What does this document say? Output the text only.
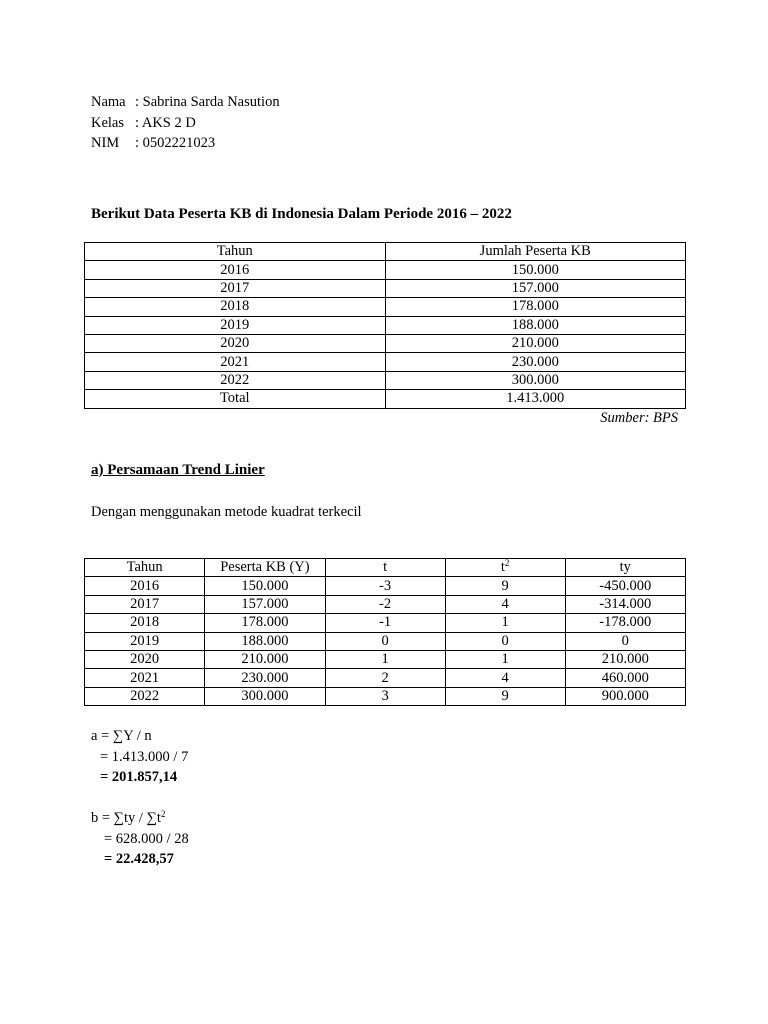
Nama : Sabrina Sarda Nasution
Kelas : AKS 2 D
NIM	: 0502221023
Berikut Data Peserta KB di Indonesia Dalam Periode 2016 – 2022
Tahun	Jumlah Peserta KB
2016	150.000
2017	157.000
2018	178.000
2019	188.000
2020	210.000
2021	230.000
2022	300.000
Total	1.413.000
Sumber: BPS
a) Persamaan Trend Linier
Dengan menggunakan metode kuadrat terkecil
Tahun	Peserta KB (Y)	t	$t^2$	ty
2016	150.000	-3	9	-450.000
2017	157.000	-2	4	-314.000
2018	178.000	-1	1	-178.000
2019	188.000	0	0	0
2020	210.000	1	1	210.000
2021	230.000	2	4	460.000
2022	300.000	3	9	900.000
a = ∑Y / n
= 1.413.000 / 7
= 201.857,14
$b = \sum ty / \sum t^2$
= 628.000 / 28
= 22.428,57
